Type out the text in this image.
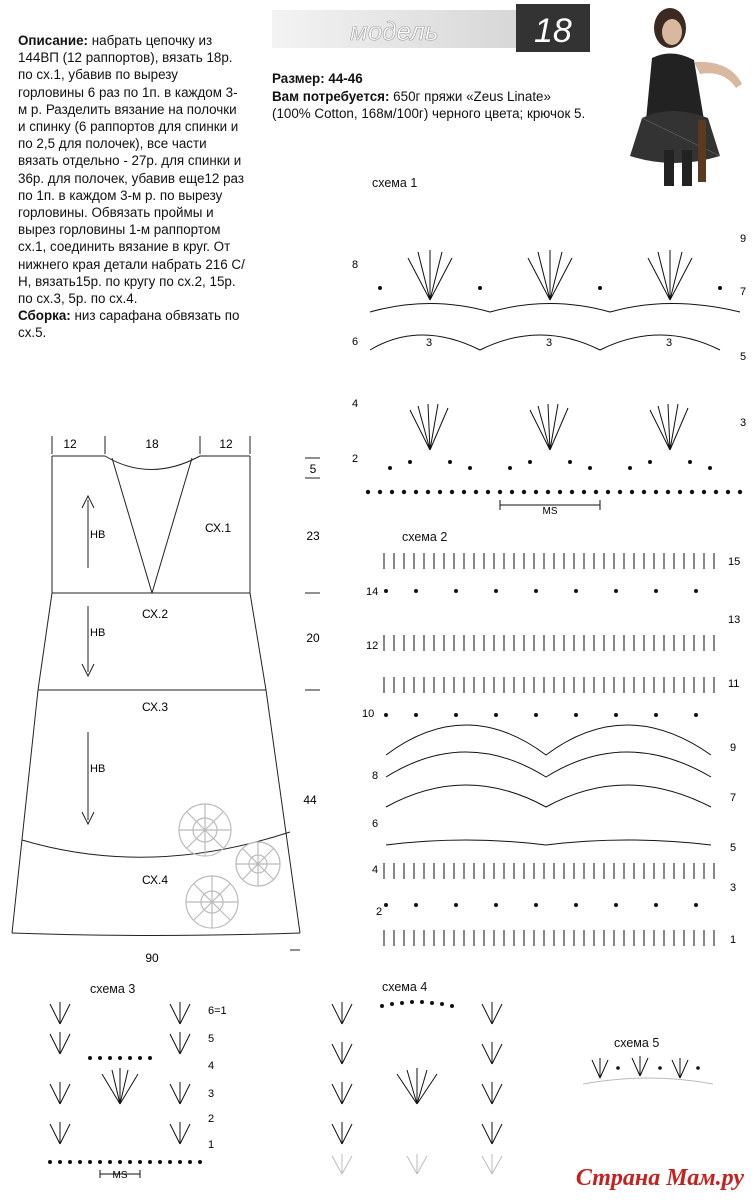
Описание: набрать цепочку из 144ВП (12 раппортов), вязать 18р. по сх.1, убавив по вырезу горловины 6 раз по 1п. в каждом 3-м р. Разделить вязание на полочки и спинку (6 раппортов для спинки и по 2,5 для полочек), все части вязать отдельно - 27р. для спинки и 36р. для полочек, убавив еще12 раз по 1п. в каждом 3-м р. по вырезу горловины. Обвязать проймы и вырез горловины 1-м раппортом сх.1, соединить вязание в круг. От нижнего края детали набрать 216 С/Н, вязать15р. по кругу по сх.2, 15р. по сх.3, 5р. по сх.4.
Сборка: низ сарафана обвязать по сх.5.
модель	18
Размер: 44-46
Вам потребуется: 650г пряжи «Zeus Linate» (100% Cotton, 168м/100г) черного цвета; крючок 5.
12	18	12
5
23
20
44
СХ.1
СХ.2
СХ.3
СХ.4
НВ
НВ
НВ
90
схема 1
8
6
4
2
9
7
5
3
3	3	3
MS
схема 2
14
12
10
8
6
4
2
15
13
11
9
7
5
3
1
схема 3
6=1
5
4
3
2
1
MS
схема 4
схема 5
Страна Мам.ру
